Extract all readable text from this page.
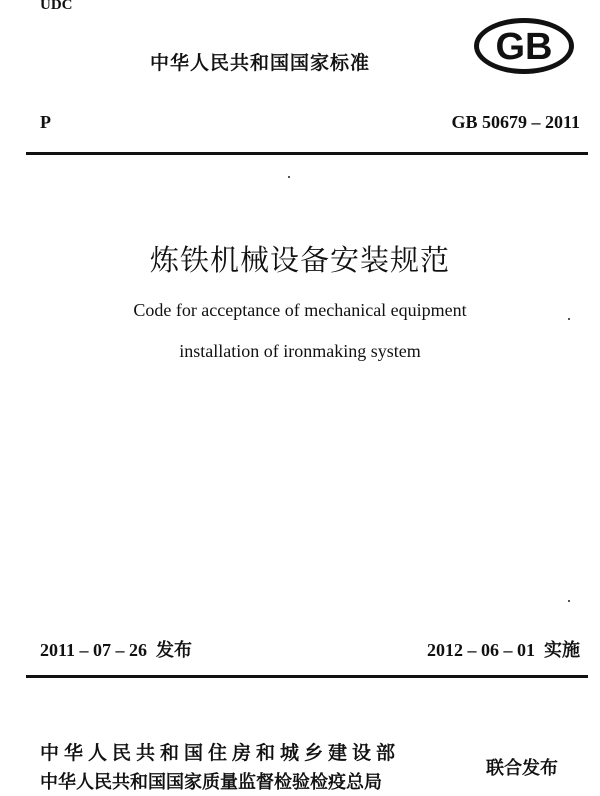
UDC
中华人民共和国国家标准	GB
P	GB 50679 – 2011
炼铁机械设备安装规范
Code for acceptance of mechanical equipment
installation of ironmaking system
2011 – 07 – 26 发布	2012 – 06 – 01 实施
中华人民共和国住房和城乡建设部
中华人民共和国国家质量监督检验检疫总局
联合发布
